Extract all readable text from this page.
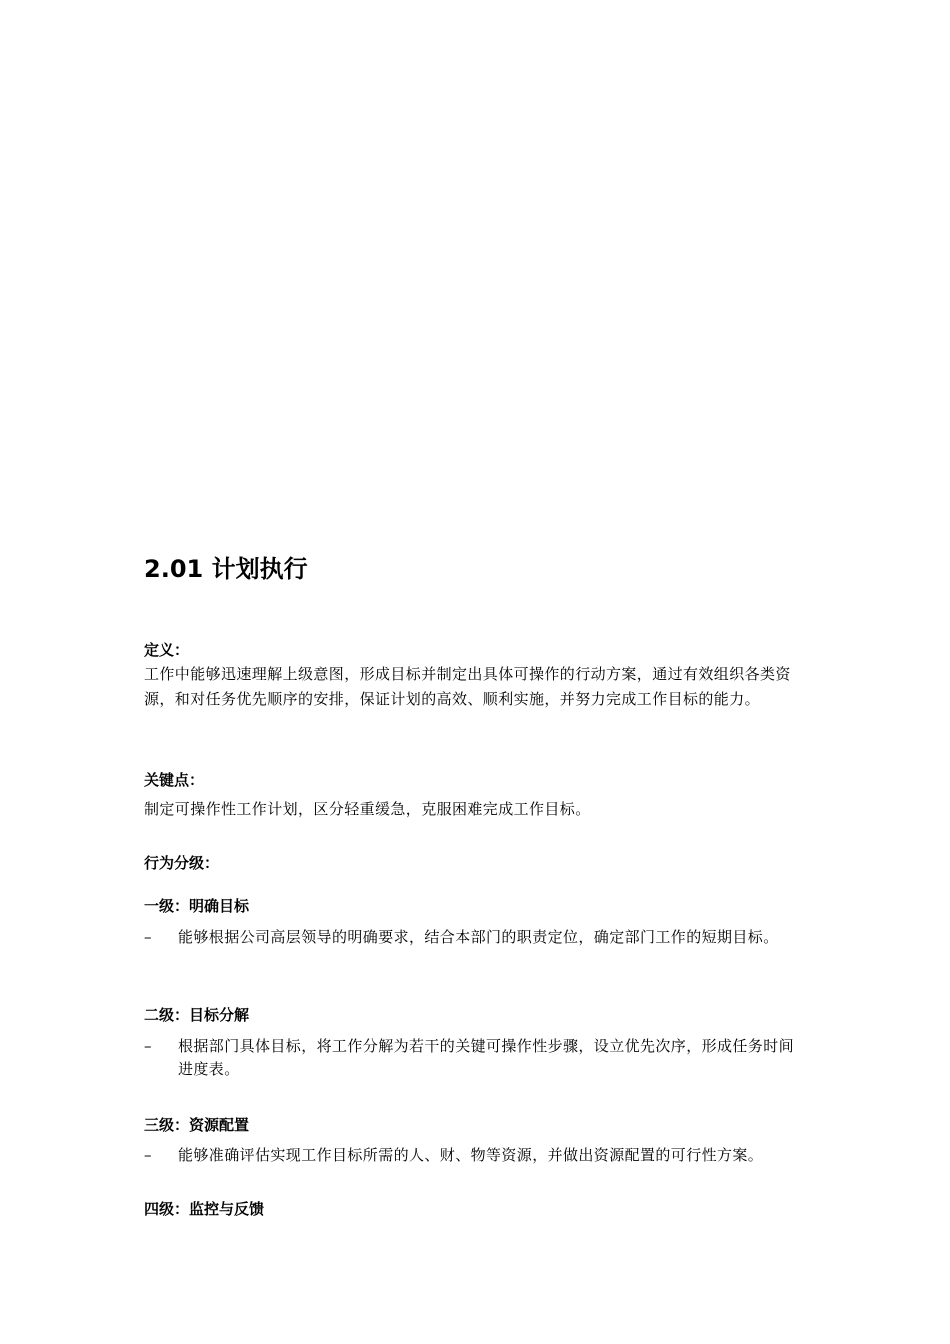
2.01 计划执行
定义：
工作中能够迅速理解上级意图，形成目标并制定出具体可操作的行动方案，通过有效组织各类资源，和对任务优先顺序的安排，保证计划的高效、顺利实施，并努力完成工作目标的能力。
关键点：
制定可操作性工作计划，区分轻重缓急，克服困难完成工作目标。
行为分级：
一级：明确目标
– 能够根据公司高层领导的明确要求，结合本部门的职责定位，确定部门工作的短期目标。
二级：目标分解
– 根据部门具体目标，将工作分解为若干的关键可操作性步骤，设立优先次序，形成任务时间进度表。
三级：资源配置
– 能够准确评估实现工作目标所需的人、财、物等资源，并做出资源配置的可行性方案。
四级：监控与反馈
